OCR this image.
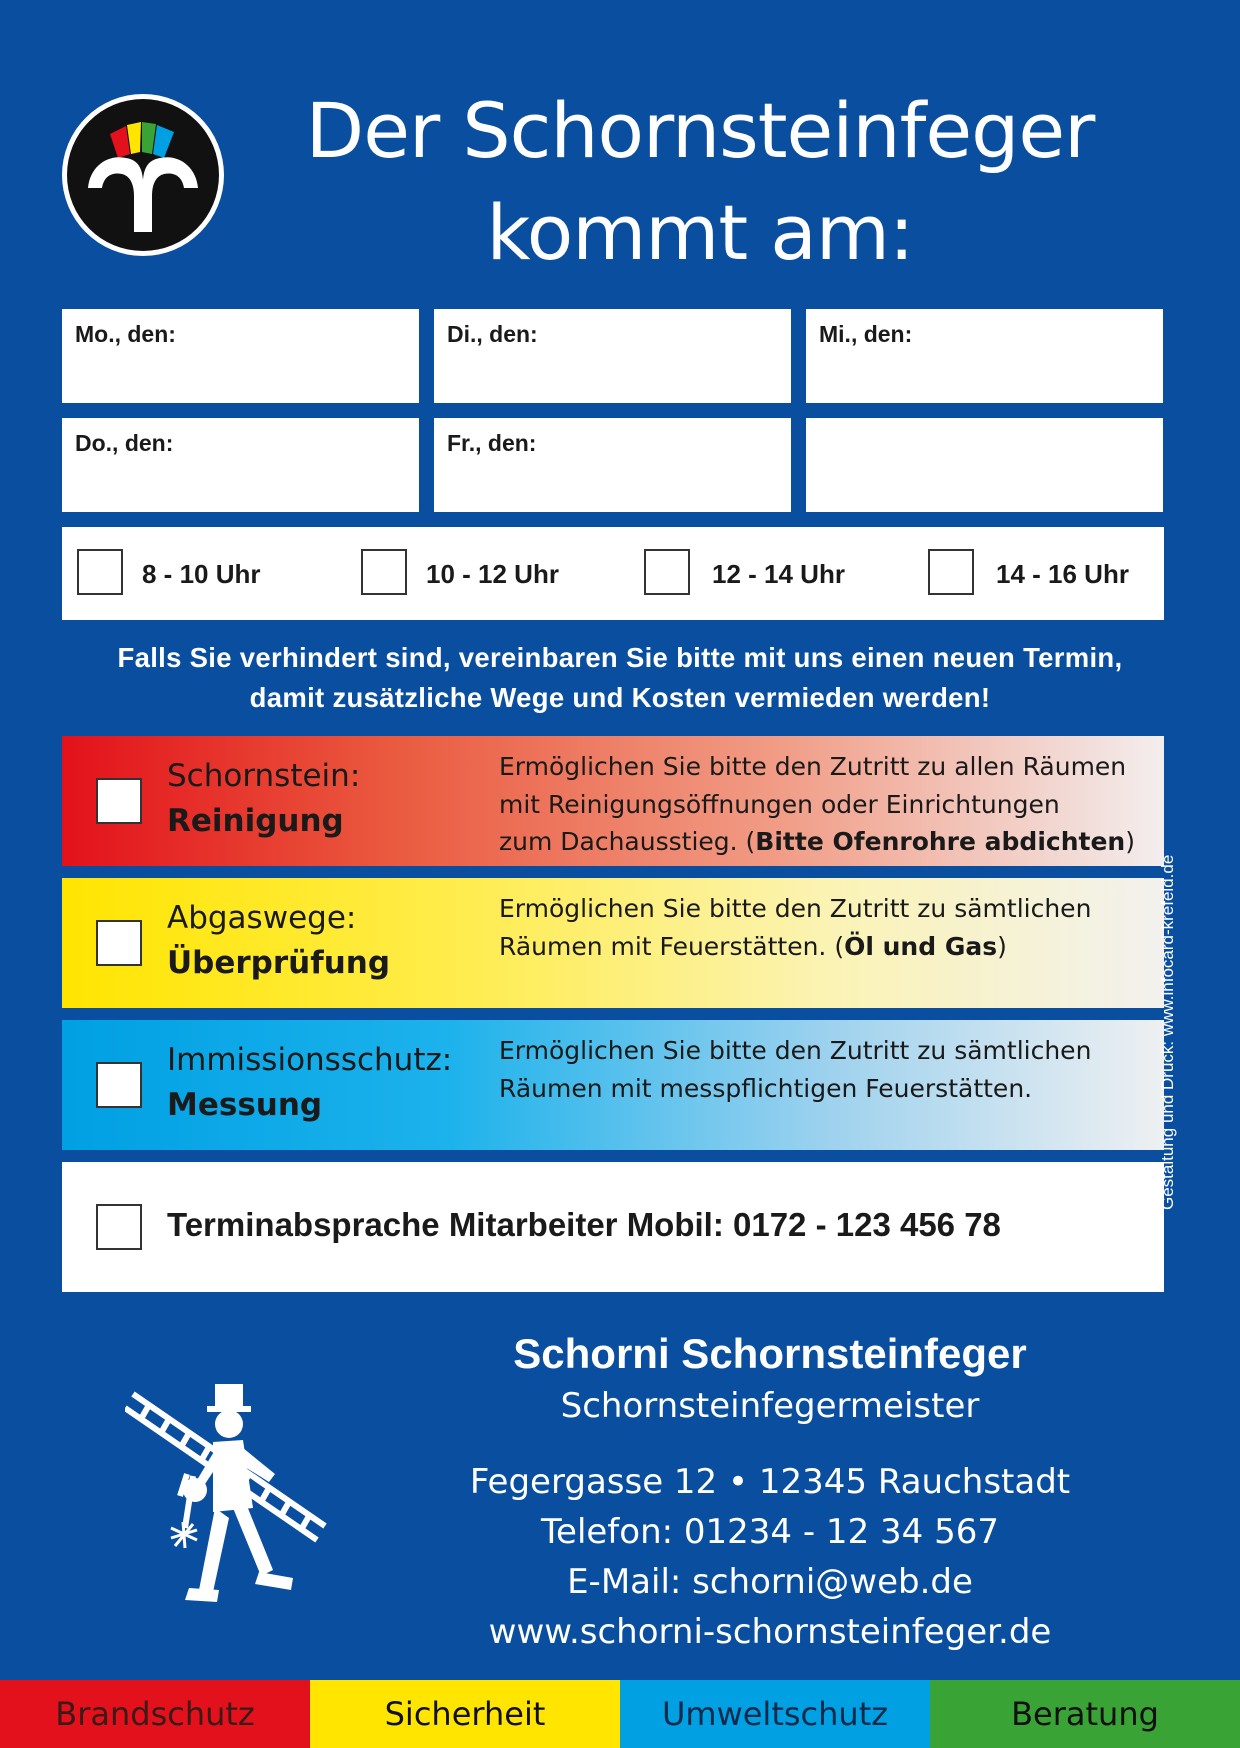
Der Schornsteinfeger
kommt am:
Mo., den:	Di., den:	Mi., den:
Do., den:	Fr., den:
8 - 10 Uhr	10 - 12 Uhr	12 - 14 Uhr	14 - 16 Uhr
Falls Sie verhindert sind, vereinbaren Sie bitte mit uns einen neuen Termin,
damit zusätzliche Wege und Kosten vermieden werden!
Schornstein:
Reinigung
Ermöglichen Sie bitte den Zutritt zu allen Räumen
mit Reinigungsöffnungen oder Einrichtungen
zum Dachausstieg. (Bitte Ofenrohre abdichten)
Abgaswege:
Überprüfung
Ermöglichen Sie bitte den Zutritt zu sämtlichen
Räumen mit Feuerstätten. (Öl und Gas)
Immissionsschutz:
Messung
Ermöglichen Sie bitte den Zutritt zu sämtlichen
Räumen mit messpflichtigen Feuerstätten.
Terminabsprache Mitarbeiter Mobil: 0172 - 123 456 78
Gestaltung und Druck: www.infocard-krefeld.de
Schorni Schornsteinfeger
Schornsteinfegermeister
Fegergasse 12 • 12345 Rauchstadt
Telefon: 01234 - 12 34 567
E-Mail: schorni@web.de
www.schorni-schornsteinfeger.de
Brandschutz	Sicherheit	Umweltschutz	Beratung
